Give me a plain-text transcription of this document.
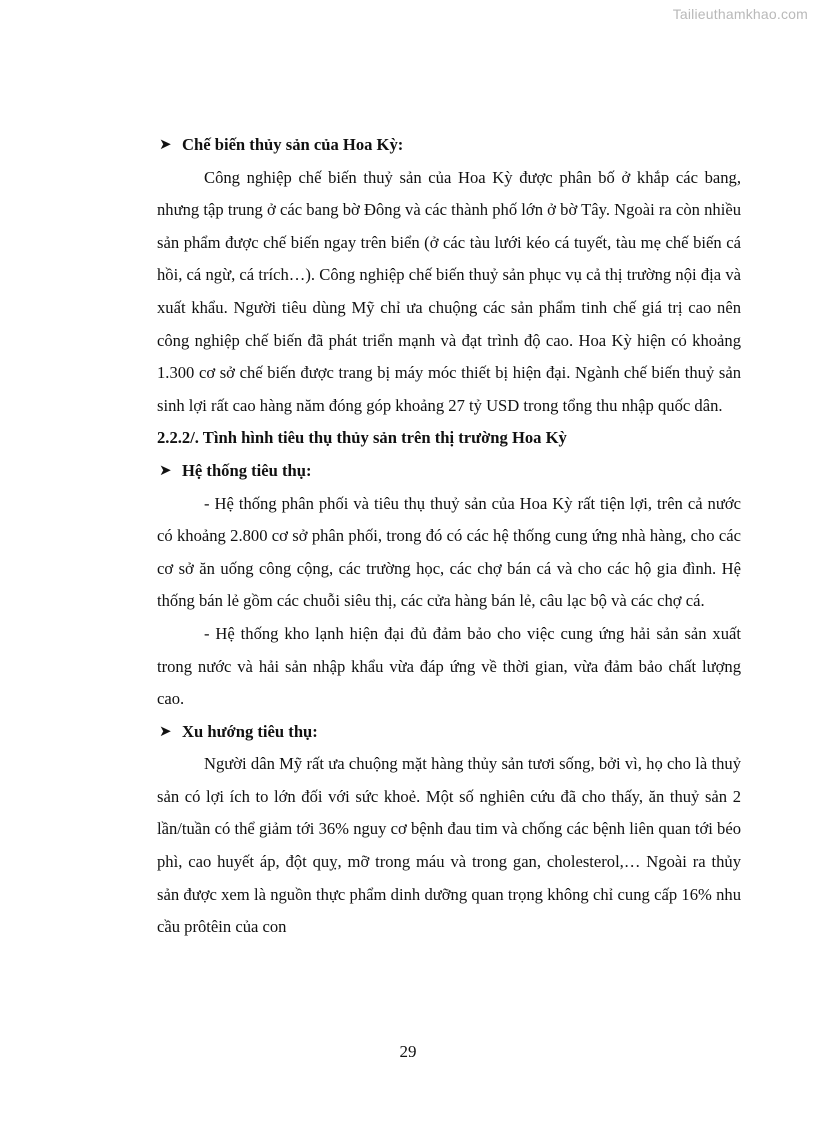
Tailieuthamkhao.com
➤ Chế biến thủy sản của Hoa Kỳ:

Công nghiệp chế biến thuỷ sản của Hoa Kỳ được phân bố ở khắp các bang, nhưng tập trung ở các bang bờ Đông và các thành phố lớn ở bờ Tây. Ngoài ra còn nhiều sản phẩm được chế biến ngay trên biển (ở các tàu lưới kéo cá tuyết, tàu mẹ chế biến cá hồi, cá ngừ, cá trích…). Công nghiệp chế biến thuỷ sản phục vụ cả thị trường nội địa và xuất khẩu. Người tiêu dùng Mỹ chỉ ưa chuộng các sản phẩm tinh chế giá trị cao nên công nghiệp chế biến đã phát triển mạnh và đạt trình độ cao. Hoa Kỳ hiện có khoảng 1.300 cơ sở chế biến được trang bị máy móc thiết bị hiện đại. Ngành chế biến thuỷ sản sinh lợi rất cao hàng năm đóng góp khoảng 27 tỷ USD trong tổng thu nhập quốc dân.

2.2.2/. Tình hình tiêu thụ thủy sản trên thị trường Hoa Kỳ
➤ Hệ thống tiêu thụ:

- Hệ thống phân phối và tiêu thụ thuỷ sản của Hoa Kỳ rất tiện lợi, trên cả nước có khoảng 2.800 cơ sở phân phối, trong đó có các hệ thống cung ứng nhà hàng, cho các cơ sở ăn uống công cộng, các trường học, các chợ bán cá và cho các hộ gia đình. Hệ thống bán lẻ gồm các chuỗi siêu thị, các cửa hàng bán lẻ, câu lạc bộ và các chợ cá.

- Hệ thống kho lạnh hiện đại đủ đảm bảo cho việc cung ứng hải sản sản xuất trong nước và hải sản nhập khẩu vừa đáp ứng về thời gian, vừa đảm bảo chất lượng cao.

➤ Xu hướng tiêu thụ:

Người dân Mỹ rất ưa chuộng mặt hàng thủy sản tươi sống, bởi vì, họ cho là thuỷ sản có lợi ích to lớn đối với sức khoẻ. Một số nghiên cứu đã cho thấy, ăn thuỷ sản 2 lần/tuần có thể giảm tới 36% nguy cơ bệnh đau tim và chống các bệnh liên quan tới béo phì, cao huyết áp, đột quỵ, mỡ trong máu và trong gan, cholesterol,… Ngoài ra thủy sản được xem là nguồn thực phẩm dinh dưỡng quan trọng không chỉ cung cấp 16% nhu cầu prôtêin của con

29
